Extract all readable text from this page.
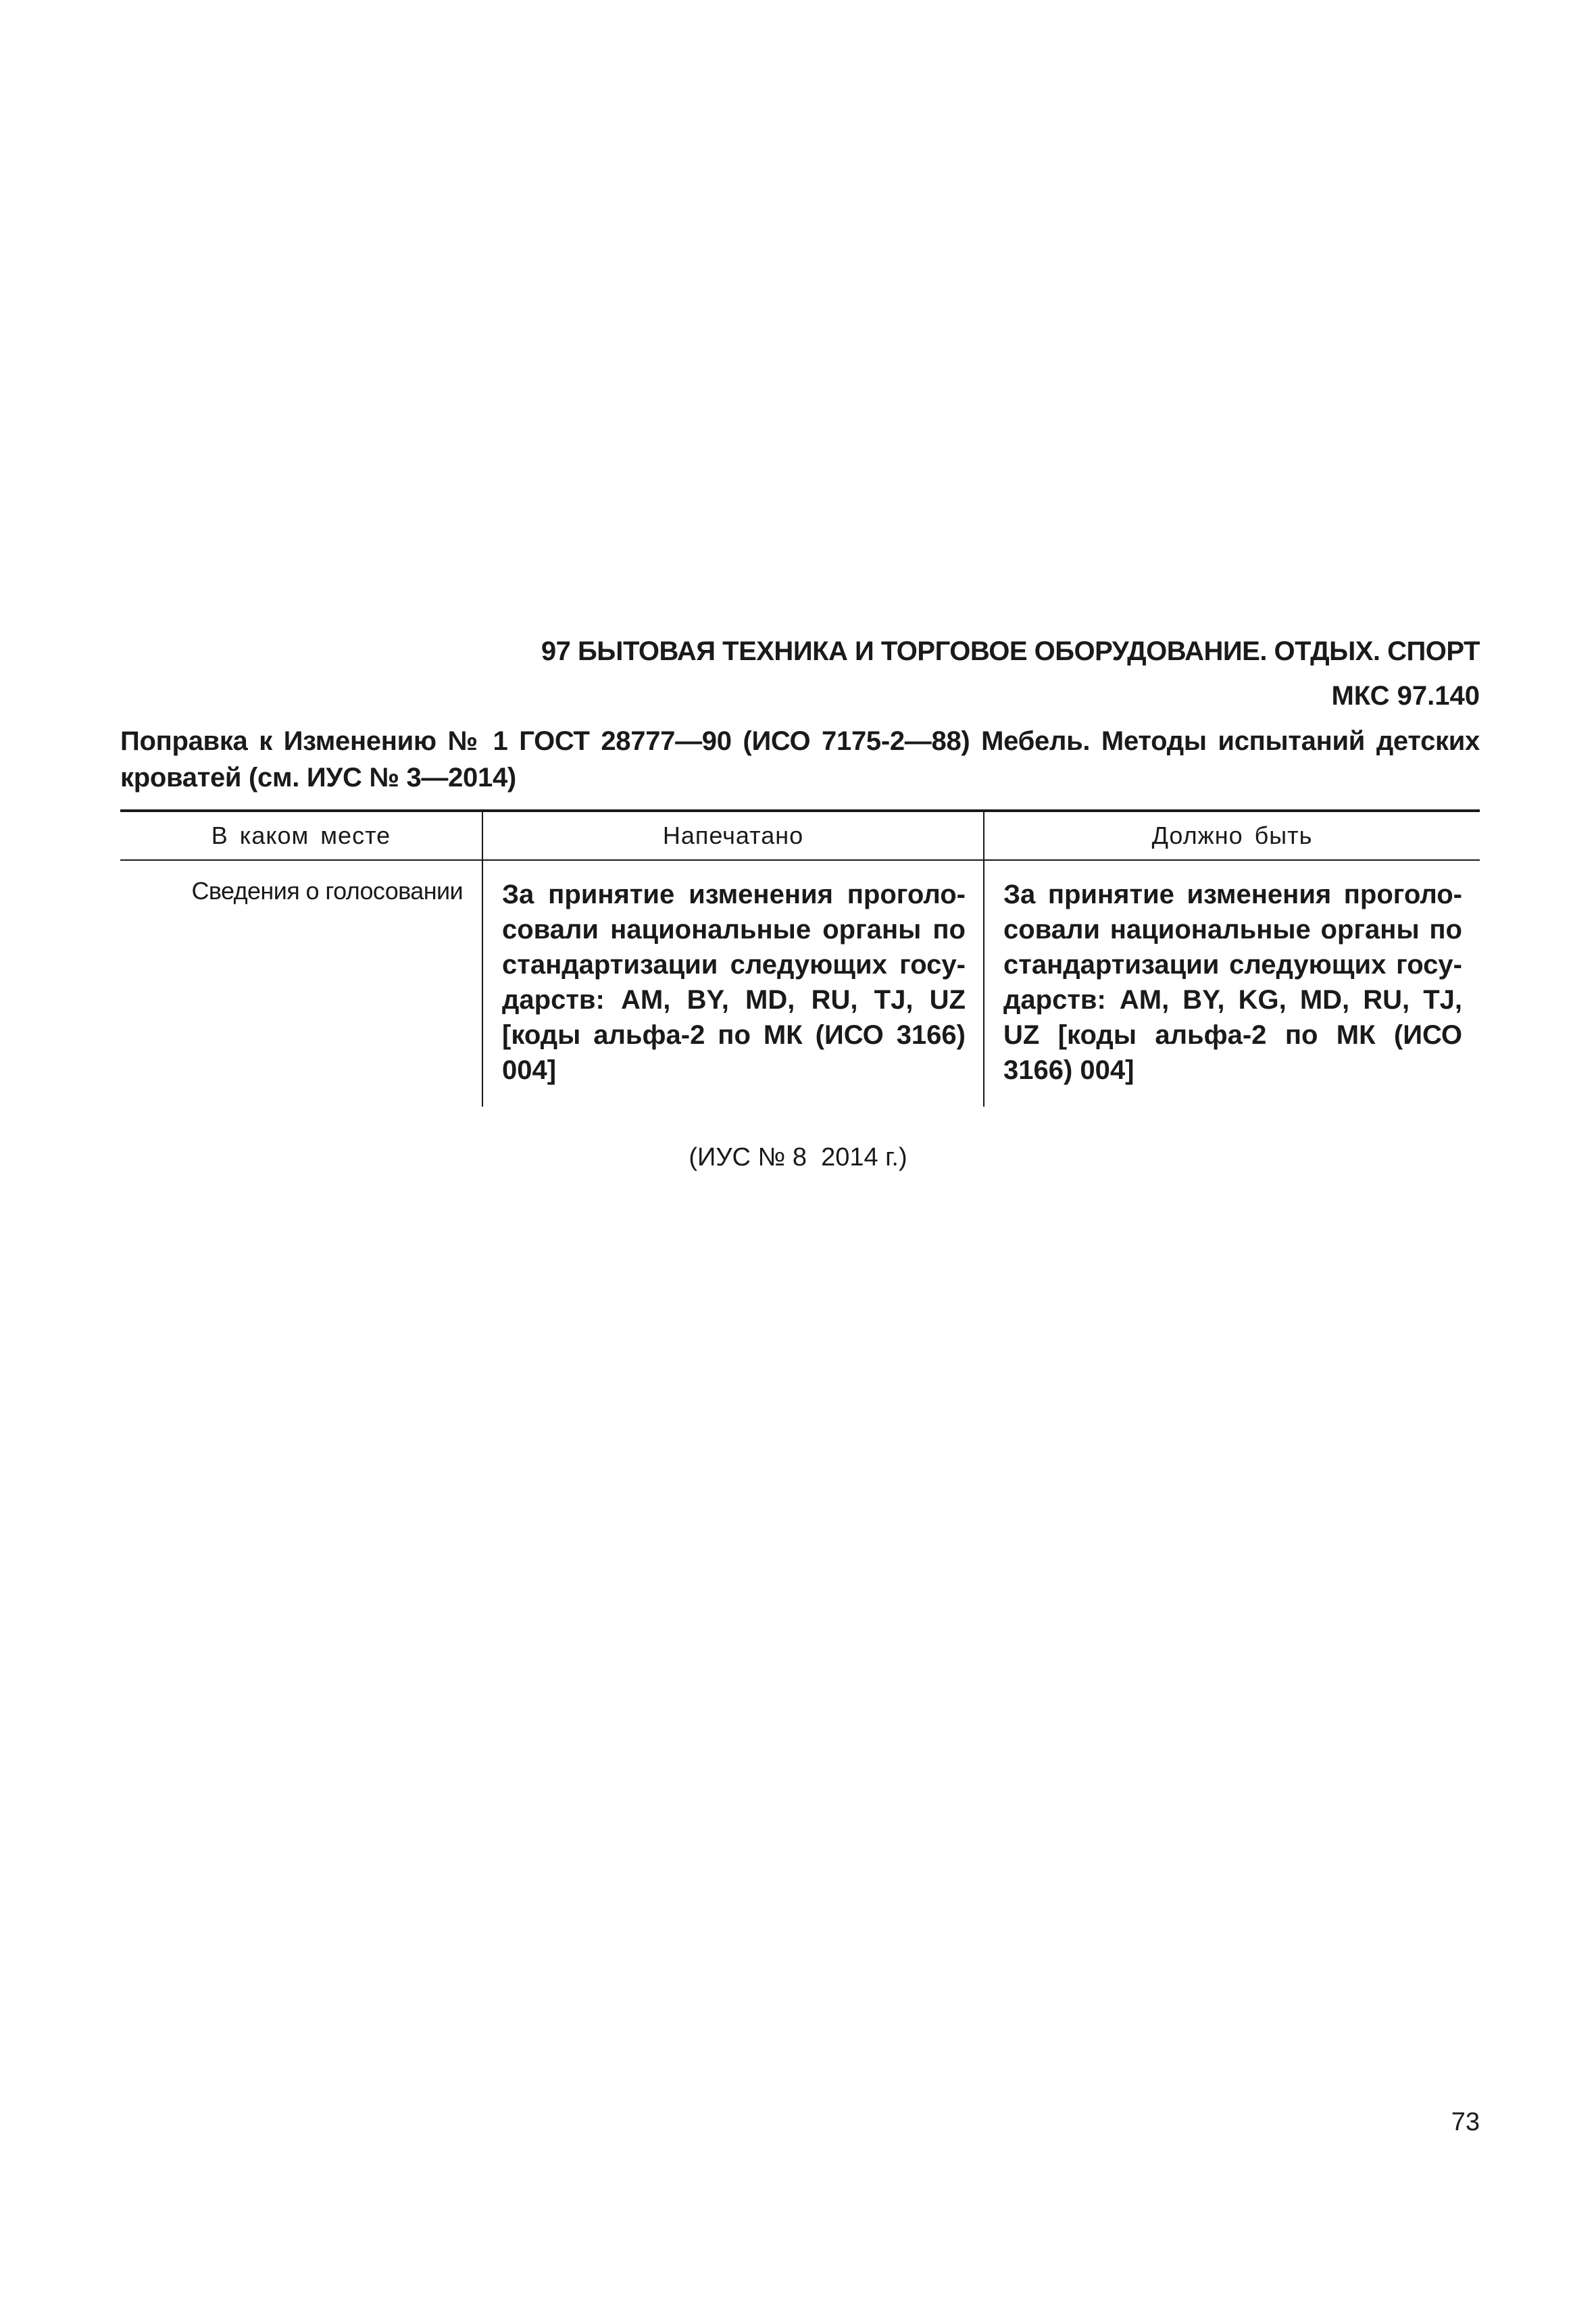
97 БЫТОВАЯ ТЕХНИКА И ТОРГОВОЕ ОБОРУДОВАНИЕ. ОТДЫХ. СПОРТ
МКС 97.140
Поправка к Изменению № 1 ГОСТ 28777—90 (ИСО 7175-2—88) Мебель. Методы испытаний детских кроватей (см. ИУС № 3—2014)
В каком месте	Напечатано	Должно быть
Сведения о голосовании	За принятие изменения проголо-совали национальные органы по стандартизации следующих госу-дарств: AM, BY, MD, RU, TJ, UZ [коды альфа-2 по МК (ИСО 3166) 004]	За принятие изменения проголо-совали национальные органы по стандартизации следующих госу-дарств: AM, BY, KG, MD, RU, TJ, UZ [коды альфа-2 по МК (ИСО 3166) 004]
(ИУС № 8  2014 г.)
73
